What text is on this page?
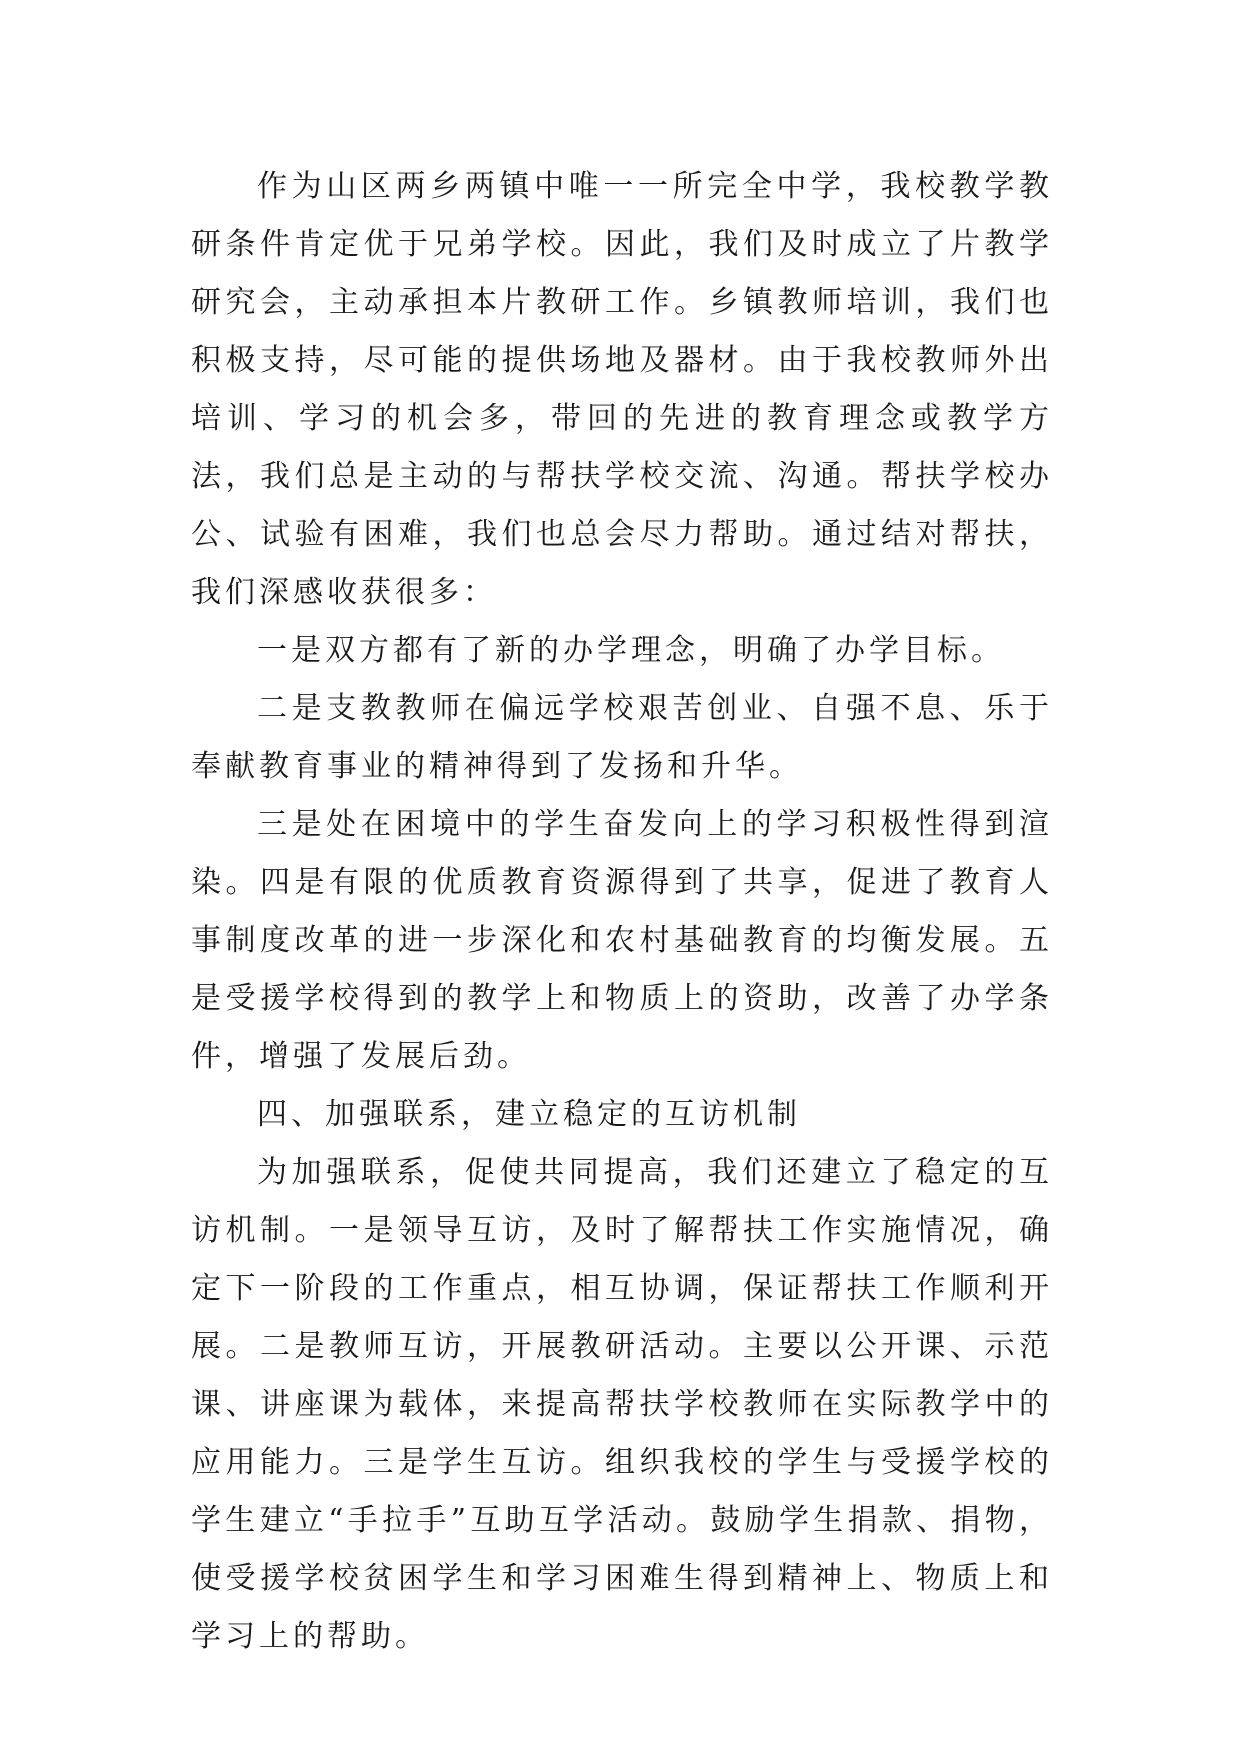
作为山区两乡两镇中唯一一所完全中学，我校教学教研条件肯定优于兄弟学校。因此，我们及时成立了片教学研究会，主动承担本片教研工作。乡镇教师培训，我们也积极支持，尽可能的提供场地及器材。由于我校教师外出培训、学习的机会多，带回的先进的教育理念或教学方法，我们总是主动的与帮扶学校交流、沟通。帮扶学校办公、试验有困难，我们也总会尽力帮助。通过结对帮扶，我们深感收获很多：

一是双方都有了新的办学理念，明确了办学目标。

二是支教教师在偏远学校艰苦创业、自强不息、乐于奉献教育事业的精神得到了发扬和升华。

三是处在困境中的学生奋发向上的学习积极性得到渲染。四是有限的优质教育资源得到了共享，促进了教育人事制度改革的进一步深化和农村基础教育的均衡发展。五是受援学校得到的教学上和物质上的资助，改善了办学条件，增强了发展后劲。

四、加强联系，建立稳定的互访机制

为加强联系，促使共同提高，我们还建立了稳定的互访机制。一是领导互访，及时了解帮扶工作实施情况，确定下一阶段的工作重点，相互协调，保证帮扶工作顺利开展。二是教师互访，开展教研活动。主要以公开课、示范课、讲座课为载体，来提高帮扶学校教师在实际教学中的应用能力。三是学生互访。组织我校的学生与受援学校的学生建立“手拉手”互助互学活动。鼓励学生捐款、捐物，使受援学校贫困学生和学习困难生得到精神上、物质上和学习上的帮助。
